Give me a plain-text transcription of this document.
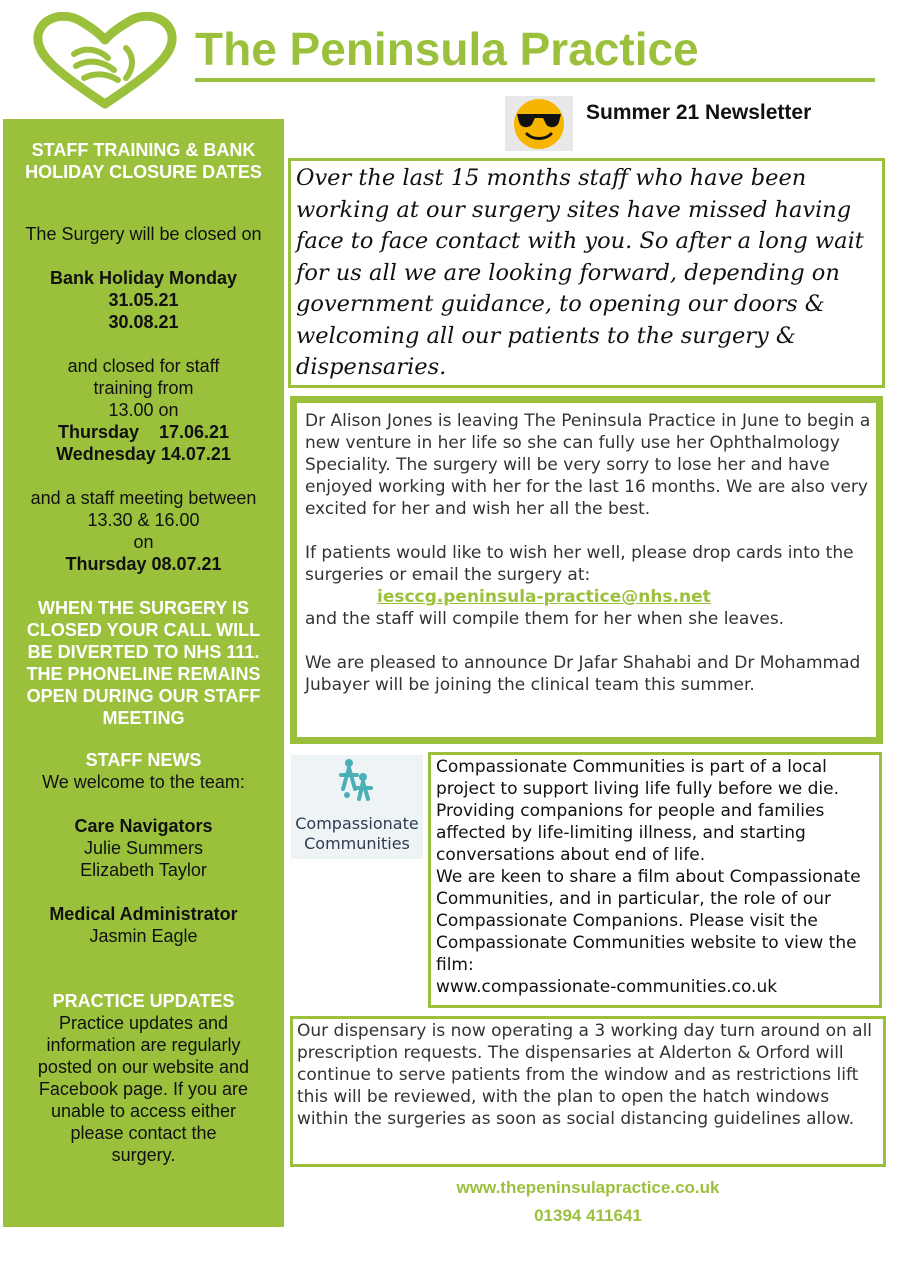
The Peninsula Practice
Summer 21 Newsletter
STAFF TRAINING & BANK HOLIDAY CLOSURE DATES
The Surgery will be closed on
Bank Holiday Monday
31.05.21
30.08.21
and closed for staff training from
13.00 on
Thursday    17.06.21
Wednesday 14.07.21
and a staff meeting between 13.30 & 16.00
on
Thursday 08.07.21
WHEN THE SURGERY IS CLOSED YOUR CALL WILL BE DIVERTED TO NHS 111. THE PHONELINE REMAINS OPEN DURING OUR STAFF MEETING
STAFF NEWS
We welcome to the team:
Care Navigators
Julie Summers
Elizabeth Taylor
Medical Administrator
Jasmin Eagle
PRACTICE UPDATES
Practice updates and information are regularly posted on our website and Facebook page. If you are unable to access either please contact the surgery.
Over the last 15 months staff who have been working at our surgery sites have missed having face to face contact with you. So after a long wait for us all we are looking forward, depending on government guidance, to opening our doors & welcoming all our patients to the surgery & dispensaries.
Dr Alison Jones is leaving The Peninsula Practice in June to begin a new venture in her life so she can fully use her Ophthalmology Speciality. The surgery will be very sorry to lose her and have enjoyed working with her for the last 16 months. We are also very excited for her and wish her all the best.
If patients would like to wish her well, please drop cards into the surgeries or email the surgery at:
iesccg.peninsula-practice@nhs.net
and the staff will compile them for her when she leaves.
We are pleased to announce Dr Jafar Shahabi and Dr Mohammad Jubayer will be joining the clinical team this summer.
Compassionate
Communities
Compassionate Communities is part of a local project to support living life fully before we die. Providing companions for people and families affected by life-limiting illness, and starting conversations about end of life.
We are keen to share a film about Compassionate Communities, and in particular, the role of our Compassionate Companions. Please visit the Compassionate Communities website to view the film:
www.compassionate-communities.co.uk
Our dispensary is now operating a 3 working day turn around on all prescription requests. The dispensaries at Alderton & Orford will continue to serve patients from the window and as restrictions lift this will be reviewed, with the plan to open the hatch windows within the surgeries as soon as social distancing guidelines allow.
www.thepeninsulapractice.co.uk
01394 411641
